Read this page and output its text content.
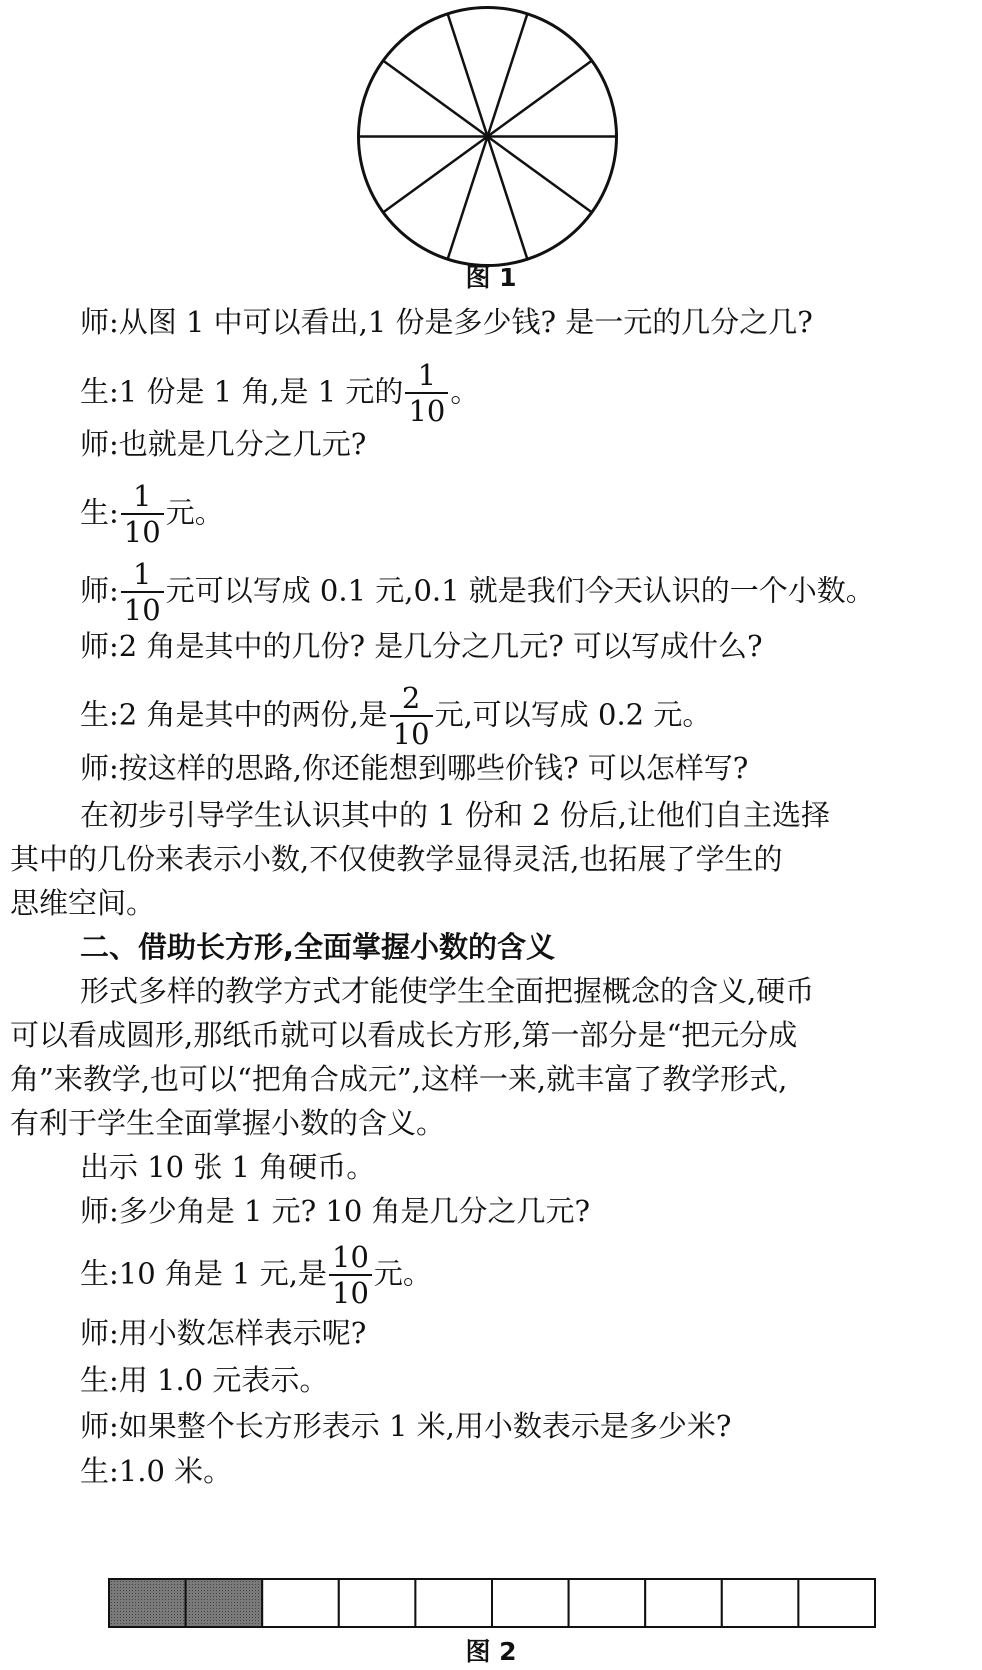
图 1
师:从图 1 中可以看出,1 份是多少钱? 是一元的几分之几?
生:1 份是 1 角,是 1 元的 $\frac{1}{10}$ 。
师:也就是几分之几元?
生: $\frac{1}{10}$ 元。
师: $\frac{1}{10}$ 元可以写成 0.1 元,0.1 就是我们今天认识的一个小数。
师:2 角是其中的几份? 是几分之几元? 可以写成什么?
生:2 角是其中的两份,是 $\frac{2}{10}$ 元,可以写成 0.2 元。
师:按这样的思路,你还能想到哪些价钱? 可以怎样写?
在初步引导学生认识其中的 1 份和 2 份后,让他们自主选择
其中的几份来表示小数,不仅使教学显得灵活,也拓展了学生的
思维空间。
二、借助长方形,全面掌握小数的含义
形式多样的教学方式才能使学生全面把握概念的含义,硬币
可以看成圆形,那纸币就可以看成长方形,第一部分是“把元分成
角”来教学,也可以“把角合成元”,这样一来,就丰富了教学形式,
有利于学生全面掌握小数的含义。
出示 10 张 1 角硬币。
师:多少角是 1 元? 10 角是几分之几元?
生:10 角是 1 元,是 $\frac{10}{10}$ 元。
师:用小数怎样表示呢?
生:用 1.0 元表示。
师:如果整个长方形表示 1 米,用小数表示是多少米?
生:1.0 米。
图 2
